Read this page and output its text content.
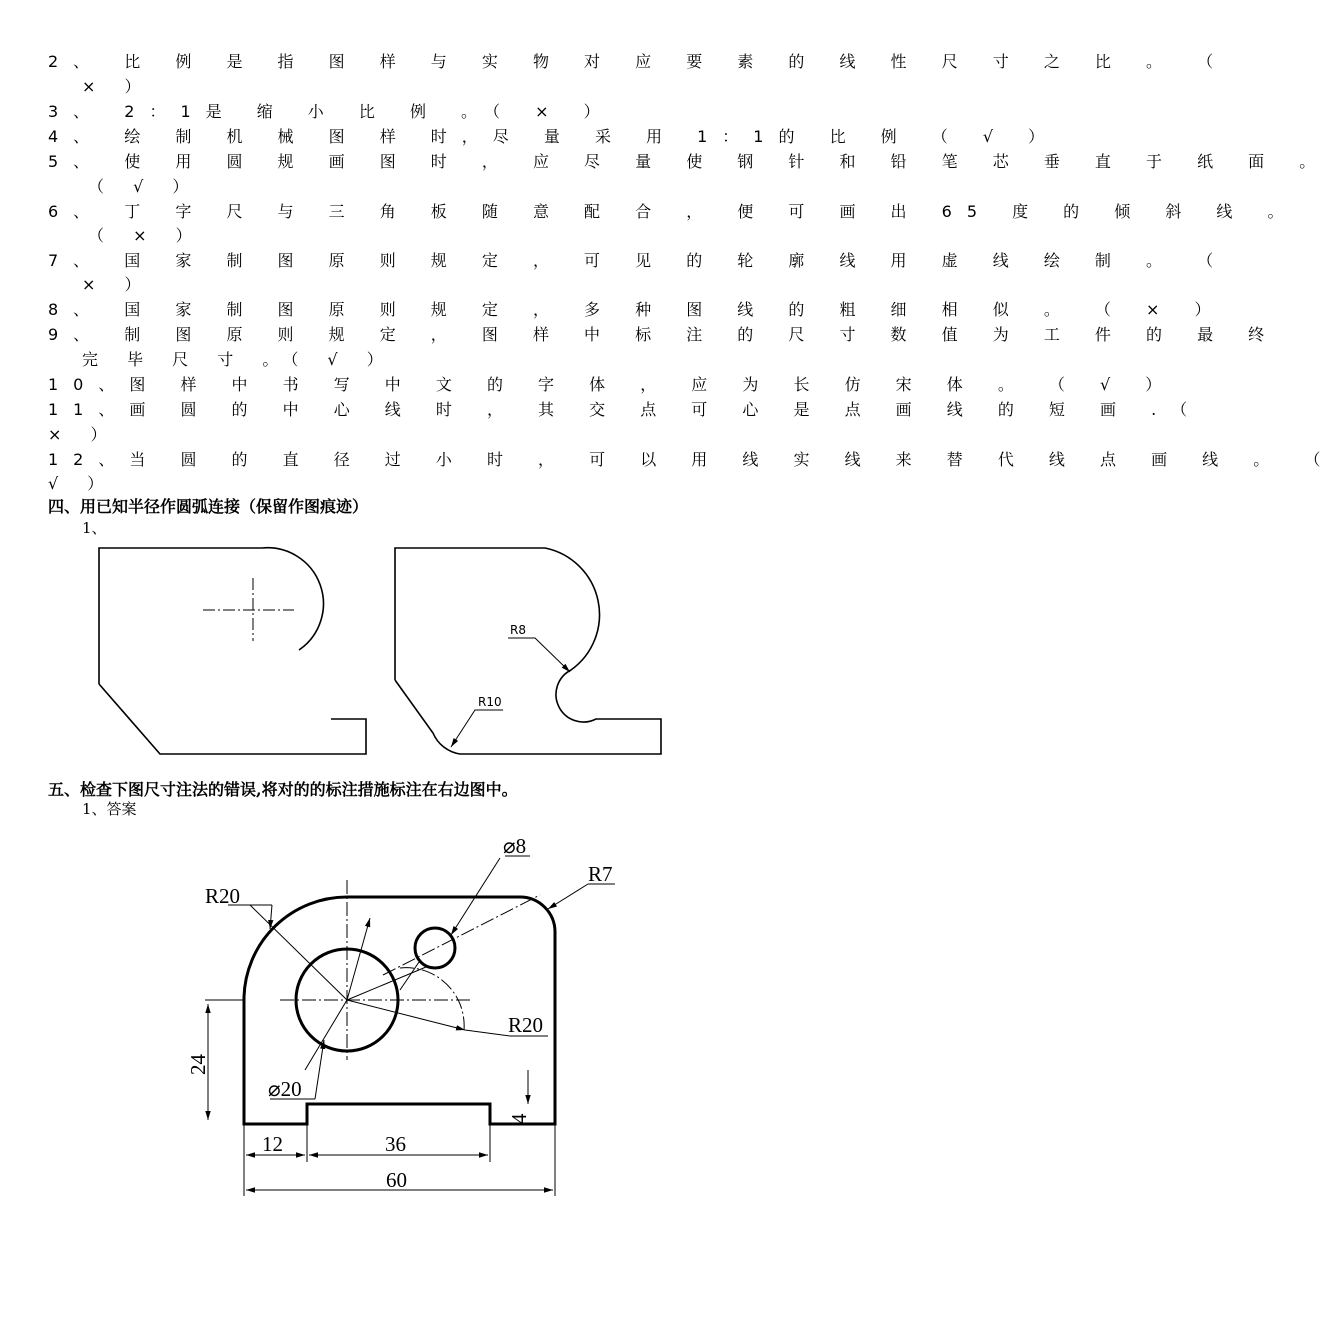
2、 比 例 是 指 图 样 与 实 物 对 应 要 素 的 线 性 尺 寸 之 比 。 （
× ）
3、 2：1是 缩 小 比 例 。（ × ）
4、 绘 制 机 械 图 样 时，尽 量 采 用 1：1的 比 例 （ √ ）
5、 使 用 圆 规 画 图 时 ， 应 尽 量 使 钢 针 和 铅 笔 芯 垂 直 于 纸 面 。
（ √ ）
6、 丁 字 尺 与 三 角 板 随 意 配 合 ， 便 可 画 出 65 度 的 倾 斜 线 。
（ × ）
7、 国 家 制 图 原 则 规 定 ， 可 见 的 轮 廓 线 用 虚 线 绘 制 。 （
× ）
8、 国 家 制 图 原 则 规 定 ， 多 种 图 线 的 粗 细 相 似 。 （ × ）
9、 制 图 原 则 规 定 ， 图 样 中 标 注 的 尺 寸 数 值 为 工 件 的 最 终
完 毕 尺 寸 。（ √ ）
10、图 样 中 书 写 中 文 的 字 体 ， 应 为 长 仿 宋 体 。 （ √ ）
11、画 圆 的 中 心 线 时 ， 其 交 点 可 心 是 点 画 线 的 短 画 .（
× ）
12、当 圆 的 直 径 过 小 时 ， 可 以 用 线 实 线 来 替 代 线 点 画 线 。 （
√ ）
四、用已知半径作圆弧连接（保留作图痕迹）
1、
五、检查下图尺寸注法的错误,将对的的标注措施标注在右边图中。
1、答案
R8
R10
R20
⌀8
R7
R20
24
⌀20
4
12	36
60
